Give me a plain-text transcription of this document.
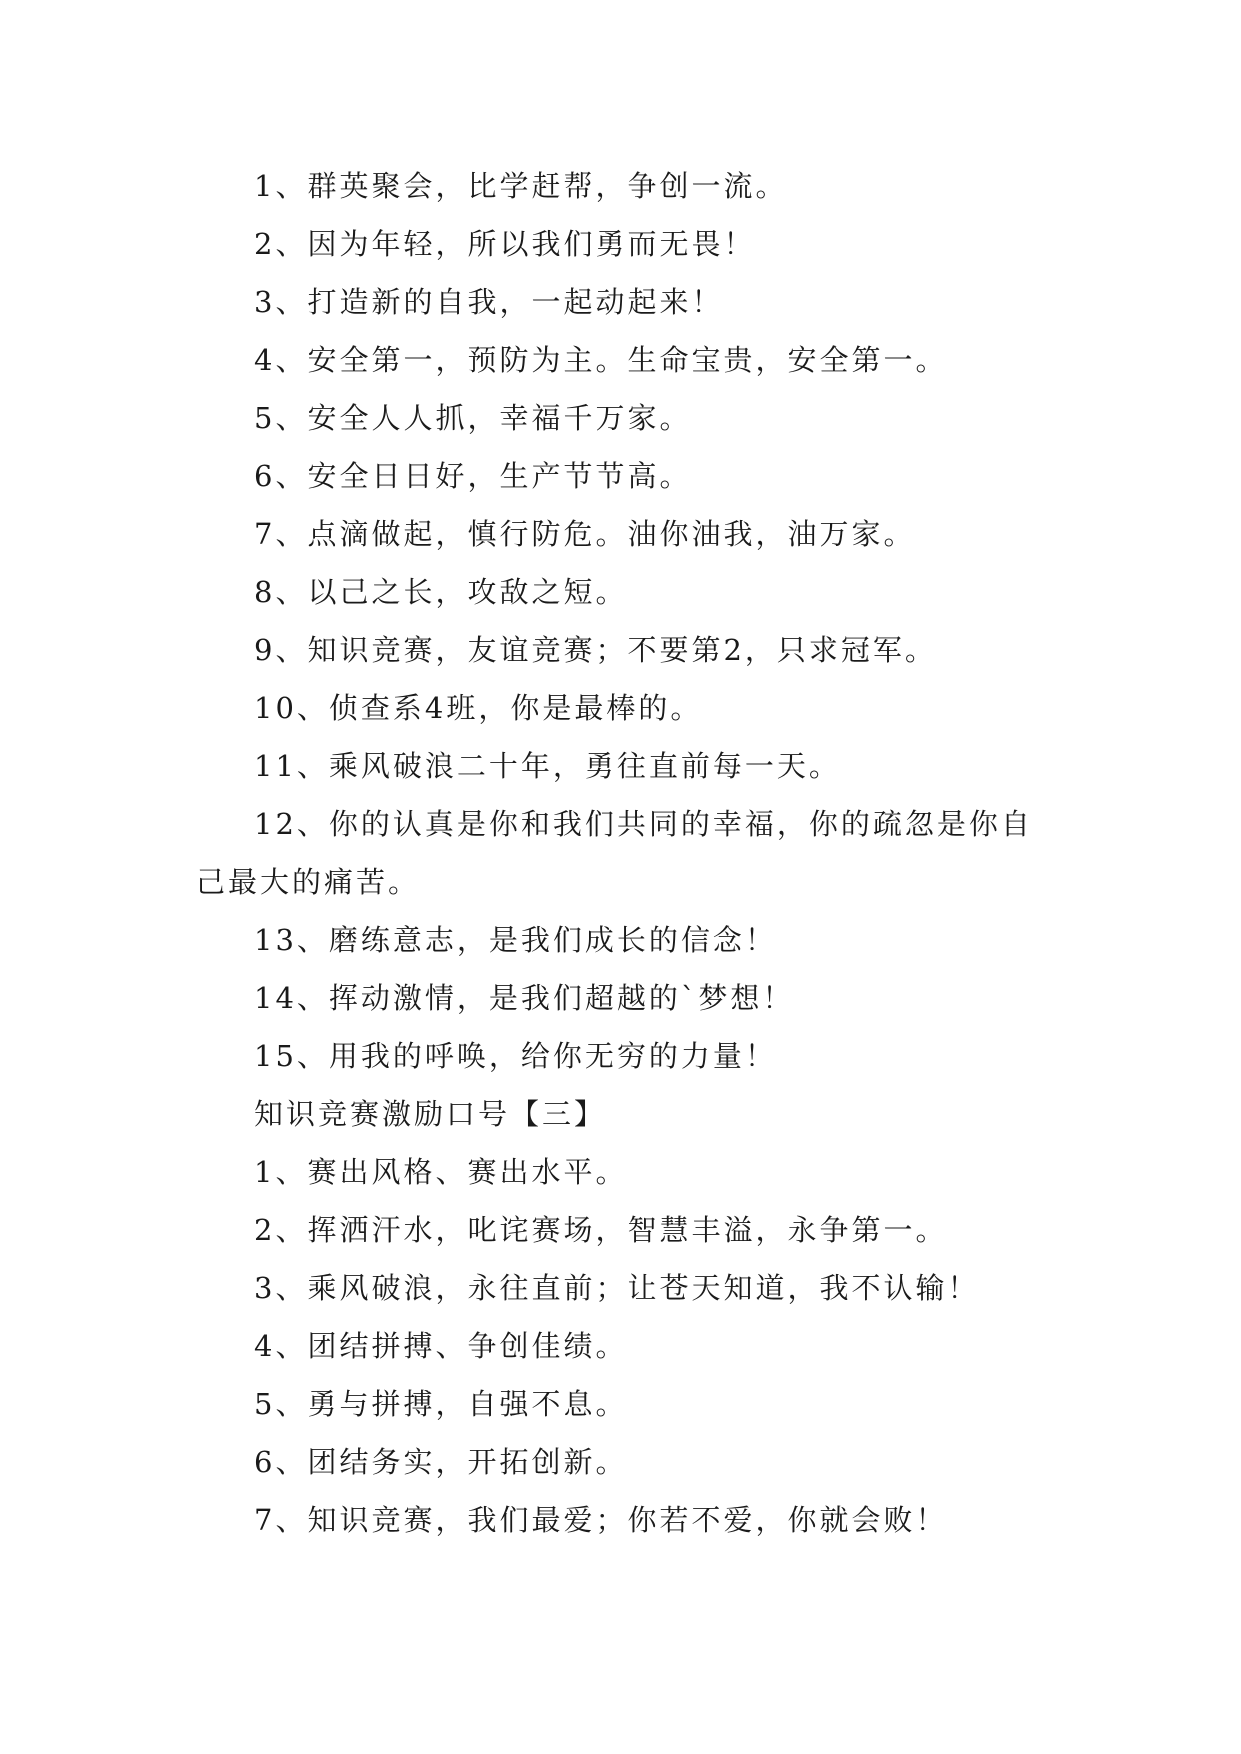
1、群英聚会，比学赶帮，争创一流。

2、因为年轻，所以我们勇而无畏！

3、打造新的自我，一起动起来！

4、安全第一，预防为主。生命宝贵，安全第一。

5、安全人人抓，幸福千万家。

6、安全日日好，生产节节高。

7、点滴做起，慎行防危。油你油我，油万家。

8、以己之长，攻敌之短。

9、知识竞赛，友谊竞赛；不要第2，只求冠军。

10、侦查系4班，你是最棒的。

11、乘风破浪二十年，勇往直前每一天。

12、你的认真是你和我们共同的幸福，你的疏忽是你自己最大的痛苦。

13、磨练意志，是我们成长的信念！

14、挥动激情，是我们超越的`梦想！

15、用我的呼唤，给你无穷的力量！

知识竞赛激励口号【三】

1、赛出风格、赛出水平。

2、挥洒汗水，叱诧赛场，智慧丰溢，永争第一。

3、乘风破浪，永往直前；让苍天知道，我不认输！

4、团结拼搏、争创佳绩。

5、勇与拼搏，自强不息。

6、团结务实，开拓创新。

7、知识竞赛，我们最爱；你若不爱，你就会败！
